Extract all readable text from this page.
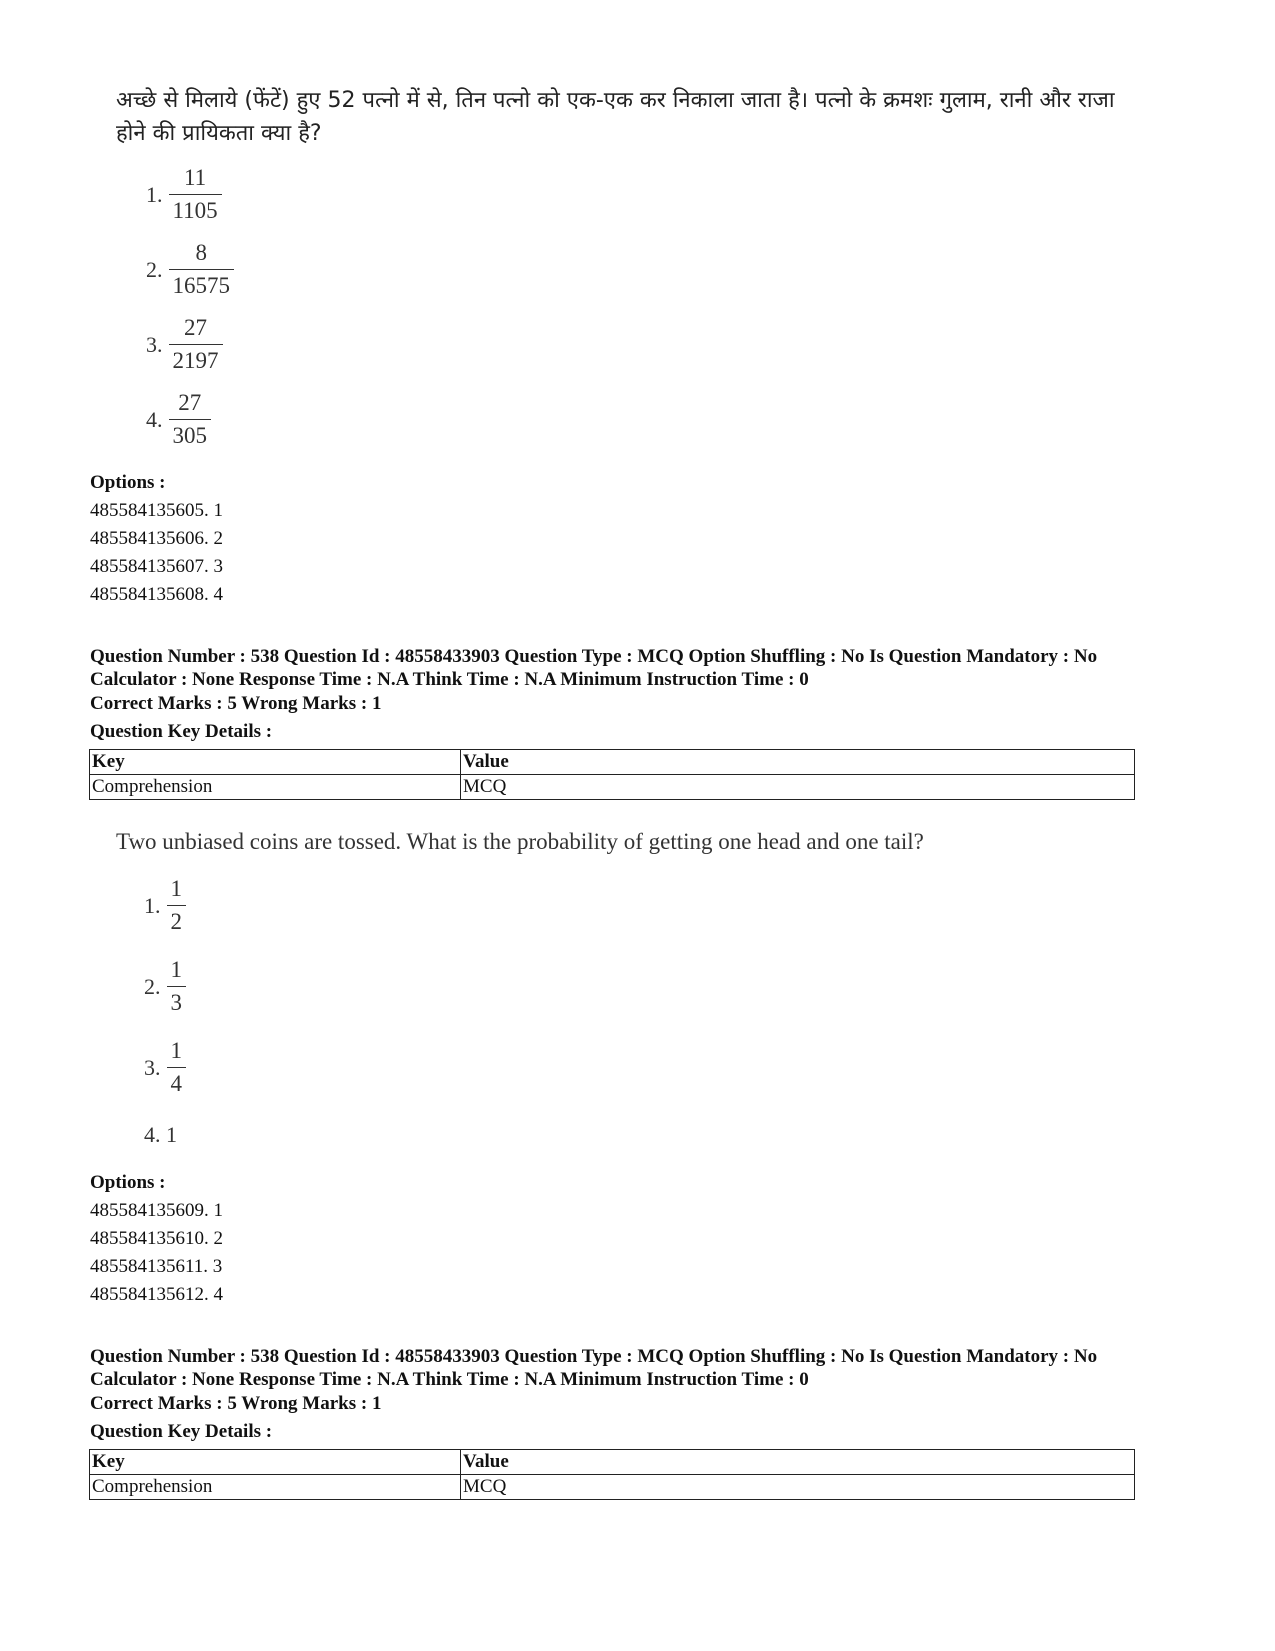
अच्छे से मिलाये (फेंटें) हुए 52 पत्नो में से, तिन पत्नो को एक-एक कर निकाला जाता है। पत्नो के क्रमशः गुलाम, रानी और राजा होने की प्रायिकता क्या है?
1. $\frac{11}{1105}$
2. $\frac{8}{16575}$
3. $\frac{27}{2197}$
4. $\frac{27}{305}$
Options :
485584135605. 1
485584135606. 2
485584135607. 3
485584135608. 4
Question Number : 538 Question Id : 48558433903 Question Type : MCQ Option Shuffling : No Is Question Mandatory : No Calculator : None Response Time : N.A Think Time : N.A Minimum Instruction Time : 0
Correct Marks : 5 Wrong Marks : 1
Question Key Details :
Key	Value
Comprehension	MCQ
Two unbiased coins are tossed. What is the probability of getting one head and one tail?
1. $\frac{1}{2}$
2. $\frac{1}{3}$
3. $\frac{1}{4}$
4. 1
Options :
485584135609. 1
485584135610. 2
485584135611. 3
485584135612. 4
Question Number : 538 Question Id : 48558433903 Question Type : MCQ Option Shuffling : No Is Question Mandatory : No Calculator : None Response Time : N.A Think Time : N.A Minimum Instruction Time : 0
Correct Marks : 5 Wrong Marks : 1
Question Key Details :
Key	Value
Comprehension	MCQ
